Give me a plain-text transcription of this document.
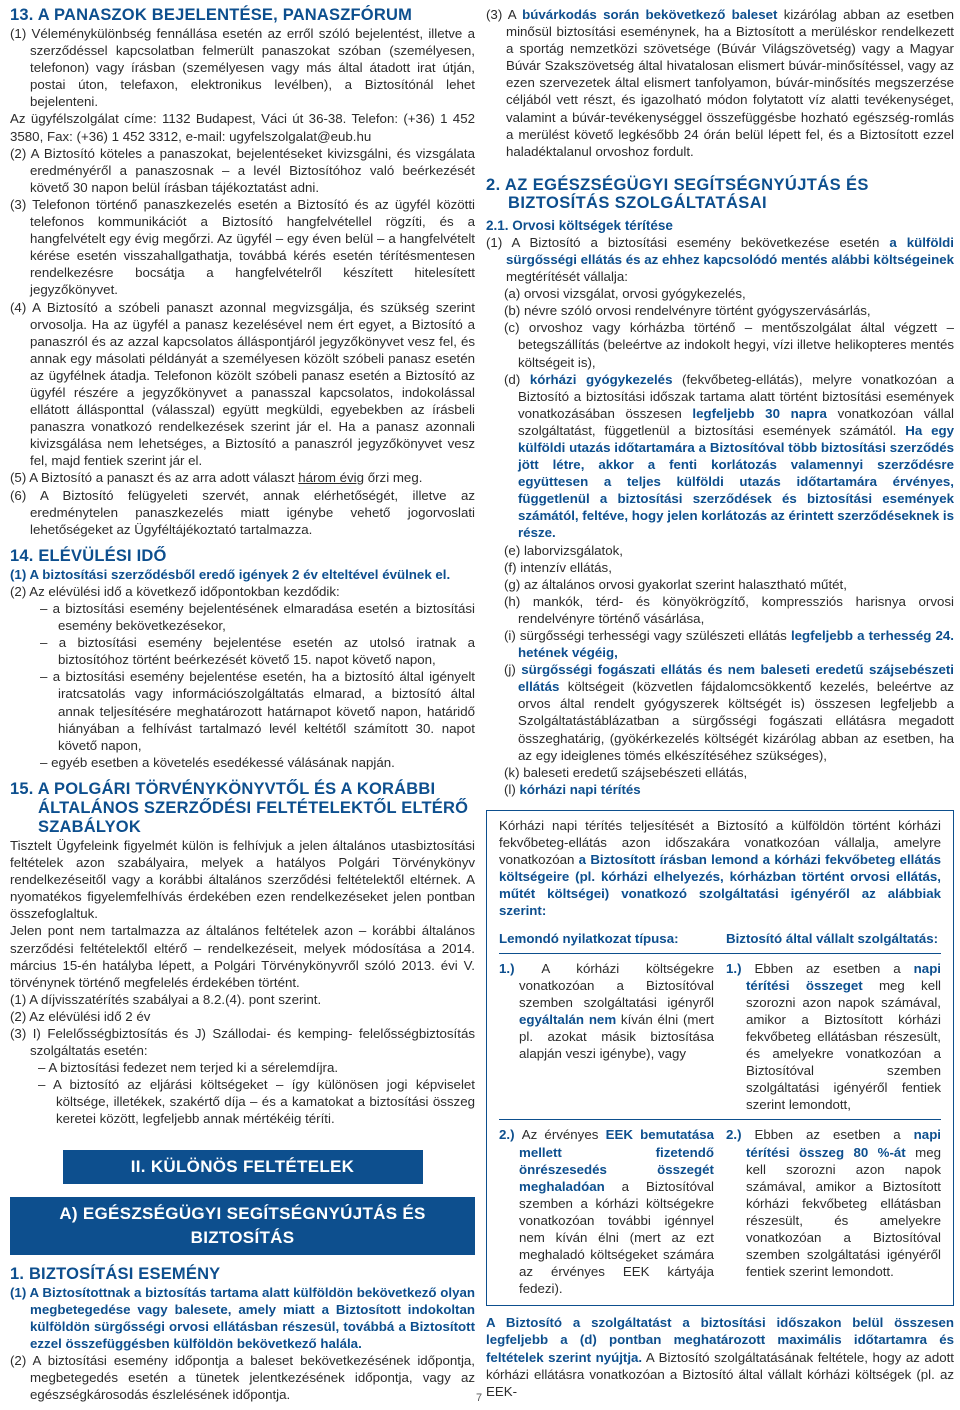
13. A PANASZOK BEJELENTÉSE, PANASZFÓRUM

(1) Véleménykülönbség fennállása esetén az erről szóló bejelentést, illetve a szerződéssel kapcsolatban felmerült panaszokat szóban (személyesen, telefonon) vagy írásban (személyesen vagy más által átadott irat útján, postai úton, telefaxon, elektronikus levélben), a Biztosítónál lehet bejelenteni.

Az ügyfélszolgálat címe: 1132 Budapest, Váci út 36-38. Telefon: (+36) 1 452 3580, Fax: (+36) 1 452 3312, e-mail: ugyfelszolgalat@eub.hu

(2) A Biztosító köteles a panaszokat, bejelentéseket kivizsgálni, és vizsgálata eredményéről a panaszosnak – a levél Biztosítóhoz való beérkezését követő 30 napon belül írásban tájékoztatást adni.

(3) Telefonon történő panaszkezelés esetén a Biztosító és az ügyfél közötti telefonos kommunikációt a Biztosító hangfelvétellel rögzíti, és a hangfelvételt egy évig megőrzi. Az ügyfél – egy éven belül – a hangfelvételt kérése esetén visszahallgathatja, továbbá kérés esetén térítésmentesen rendelkezésre bocsátja a hangfelvételről készített hitelesített jegyzőkönyvet.

(4) A Biztosító a szóbeli panaszt azonnal megvizsgálja, és szükség szerint orvosolja. Ha az ügyfél a panasz kezelésével nem ért egyet, a Biztosító a panaszról és az azzal kapcsolatos álláspontjáról jegyzőkönyvet vesz fel, és annak egy másolati példányát a személyesen közölt szóbeli panasz esetén az ügyfélnek átadja. Telefonon közölt szóbeli panasz esetén a Biztosító az ügyfél részére a jegyzőkönyvet a panasszal kapcsolatos, indokolással ellátott állásponttal (válasszal) együtt megküldi, egyebekben az írásbeli panaszra vonatkozó rendelkezések szerint jár el. Ha a panasz azonnali kivizsgálása nem lehetséges, a Biztosító a panaszról jegyzőkönyvet vesz fel, majd fentiek szerint jár el.

(5) A Biztosító a panaszt és az arra adott választ három évig őrzi meg.

(6) A Biztosító felügyeleti szervét, annak elérhetőségét, illetve az eredménytelen panaszkezelés miatt igénybe vehető jogorvoslati lehetőségeket az Ügyféltájékoztató tartalmazza.

14. ELÉVÜLÉSI IDŐ

(1) A biztosítási szerződésből eredő igények 2 év elteltével évülnek el.

(2) Az elévülési idő a következő időpontokban kezdődik:

– a biztosítási esemény bejelentésének elmaradása esetén a biztosítási esemény bekövetkezésekor,

– a biztosítási esemény bejelentése esetén az utolsó iratnak a biztosítóhoz történt beérkezését követő 15. napot követő napon,

– a biztosítási esemény bejelentése esetén, ha a biztosító által igényelt iratcsatolás vagy információszolgáltatás elmarad, a biztosító által annak teljesítésére meghatározott határnapot követő napon, határidő hiányában a felhívást tartalmazó levél keltétől számított 30. napot követő napon,

– egyéb esetben a követelés esedékessé válásának napján.

15. A POLGÁRI TÖRVÉNYKÖNYVTŐL ÉS A KORÁBBI ÁLTALÁNOS SZERZŐDÉSI FELTÉTELEKTŐL ELTÉRŐ SZABÁLYOK

Tisztelt Ügyfeleink figyelmét külön is felhívjuk a jelen általános utasbiztosítási feltételek azon szabályaira, melyek a hatályos Polgári Törvénykönyv rendelkezéseitől vagy a korábbi általános szerződési feltételektől eltérnek. A nyomatékos figyelemfelhívás érdekében ezen rendelkezéseket jelen pontban összefoglaltuk.

Jelen pont nem tartalmazza az általános feltételek azon – korábbi általános szerződési feltételektől eltérő – rendelkezéseit, melyek módosítása a 2014. március 15-én hatályba lépett, a Polgári Törvénykönyvről szóló 2013. évi V. törvénynek történő megfelelés érdekében történt.

(1) A díjvisszatérítés szabályai a 8.2.(4). pont szerint.

(2) Az elévülési idő 2 év

(3) I) Felelősségbiztosítás és J) Szállodai- és kemping- felelősségbiztosítás szolgáltatás esetén:

– A biztosítási fedezet nem terjed ki a sérelemdíjra.

– A biztosító az eljárási költségeket – így különösen jogi képviselet költsége, illetékek, szakértő díja – és a kamatokat a biztosítási összeg keretei között, legfeljebb annak mértékéig téríti.

II. KÜLÖNÖS FELTÉTELEK
A) EGÉSZSÉGÜGYI SEGÍTSÉGNYÚJTÁS ÉS BIZTOSÍTÁS

1. BIZTOSÍTÁSI ESEMÉNY

(1) A Biztosítottnak a biztosítás tartama alatt külföldön bekövetkező olyan megbetegedése vagy balesete, amely miatt a Biztosított indokoltan külföldön sürgősségi orvosi ellátásban részesül, továbbá a Biztosított ezzel összefüggésben külföldön bekövetkező halála.

(2) A biztosítási esemény időpontja a baleset bekövetkezésének időpontja, megbetegedés esetén a tünetek jelentkezésének időpontja, vagy az egészségkárosodás észlelésének időpontja.

(3) A búvárkodás során bekövetkező baleset kizárólag abban az esetben minősül biztosítási eseménynek, ha a Biztosított a merüléskor rendelkezett a sportág nemzetközi szövetsége (Búvár Világszövetség) vagy a Magyar Búvár Szakszövetség által hivatalosan elismert búvár-minősítéssel, vagy az ezen szervezetek által elismert tanfolyamon, búvár-minősítés megszerzése céljából vett részt, és igazolható módon folytatott víz alatti tevékenységet, valamint a búvár-tevékenységgel összefüggésbe hozható egészség-romlás a merülést követő legkésőbb 24 órán belül lépett fel, és a Biztosított ezzel haladéktalanul orvoshoz fordult.

2. AZ EGÉSZSÉGÜGYI SEGÍTSÉGNYÚJTÁS ÉS BIZTOSÍTÁS SZOLGÁLTATÁSAI

2.1. Orvosi költségek térítése

(1) A Biztosító a biztosítási esemény bekövetkezése esetén a külföldi sürgősségi ellátás és az ehhez kapcsolódó mentés alábbi költségeinek megtérítését vállalja:

(a) orvosi vizsgálat, orvosi gyógykezelés,

(b) névre szóló orvosi rendelvényre történt gyógyszervásárlás,

(c) orvoshoz vagy kórházba történő – mentőszolgálat által végzett – betegszállítás (beleértve az indokolt hegyi, vízi illetve helikopteres mentés költségeit is),

(d) kórházi gyógykezelés (fekvőbeteg-ellátás), melyre vonatkozóan a Biztosító a biztosítási időszak tartama alatt történt biztosítási események vonatkozásában összesen legfeljebb 30 napra vonatkozóan vállal szolgáltatást, függetlenül a biztosítási események számától. Ha egy külföldi utazás időtartamára a Biztosítóval több biztosítási szerződés jött létre, akkor a fenti korlátozás valamennyi szerződésre együttesen a teljes külföldi utazás időtartamára érvényes, függetlenül a biztosítási szerződések és biztosítási események számától, feltéve, hogy jelen korlátozás az érintett szerződéseknek is része.

(e) laborvizsgálatok,

(f) intenzív ellátás,

(g) az általános orvosi gyakorlat szerint halasztható műtét,

(h) mankók, térd- és könyökrögzítő, kompressziós harisnya orvosi rendelvényre történő vásárlása,

(i) sürgősségi terhességi vagy szülészeti ellátás legfeljebb a terhesség 24. hetének végéig,

(j) sürgősségi fogászati ellátás és nem baleseti eredetű szájsebészeti ellátás költségeit (közvetlen fájdalomcsökkentő kezelés, beleértve az orvos által rendelt gyógyszerek költségét is) összesen legfeljebb a Szolgáltatástáblázatban a sürgősségi fogászati ellátásra megadott összeghatárig, (gyökérkezelés költségét kizárólag abban az esetben, ha az egy ideiglenes tömés elkészítéséhez szükséges),

(k) baleseti eredetű szájsebészeti ellátás,

(l) kórházi napi térítés

Kórházi napi térítés teljesítését a Biztosító a külföldön történt kórházi fekvőbeteg-ellátás azon időszakára vonatkozóan vállalja, amelyre vonatkozóan a Biztosított írásban lemond a kórházi fekvőbeteg ellátás költségeire (pl. kórházi elhelyezés, kórházban történt orvosi ellátás, műtét költségei) vonatkozó szolgáltatási igényéről az alábbiak szerint:

Lemondó nyilatkozat típusa:	Biztosító által vállalt szolgáltatás:
1.) A kórházi költségekre vonatkozóan a Biztosítóval szemben szolgáltatási igényről egyáltalán nem kíván élni (mert pl. azokat másik biztosítása alapján veszi igénybe), vagy
1.) Ebben az esetben a napi térítési összeget meg kell szorozni azon napok számával, amikor a Biztosított kórházi fekvőbeteg ellátásban részesült, és amelyekre vonatkozóan a Biztosítóval szemben szolgáltatási igényéről fentiek szerint lemondott,
2.) Az érvényes EEK bemutatása mellett fizetendő önrészesedés összegét meghaladóan a Biztosítóval szemben a kórházi költségekre vonatkozóan további igénnyel nem kíván élni (mert az ezt meghaladó költségeket számára az érvényes EEK kártyája fedezi).
2.) Ebben az esetben a napi térítési összeg 80 %-át meg kell szorozni azon napok számával, amikor a Biztosított kórházi fekvőbeteg ellátásban részesült, és amelyekre vonatkozóan a Biztosítóval szemben szolgáltatási igényéről fentiek szerint lemondott.

A Biztosító a szolgáltatást a biztosítási időszakon belül összesen legfeljebb a (d) pontban meghatározott maximális időtartamra és feltételek szerint nyújtja. A Biztosító szolgáltatásának feltétele, hogy az adott kórházi ellátásra vonatkozóan a Biztosító által vállalt kórházi költségek (pl. az EEK-

7
